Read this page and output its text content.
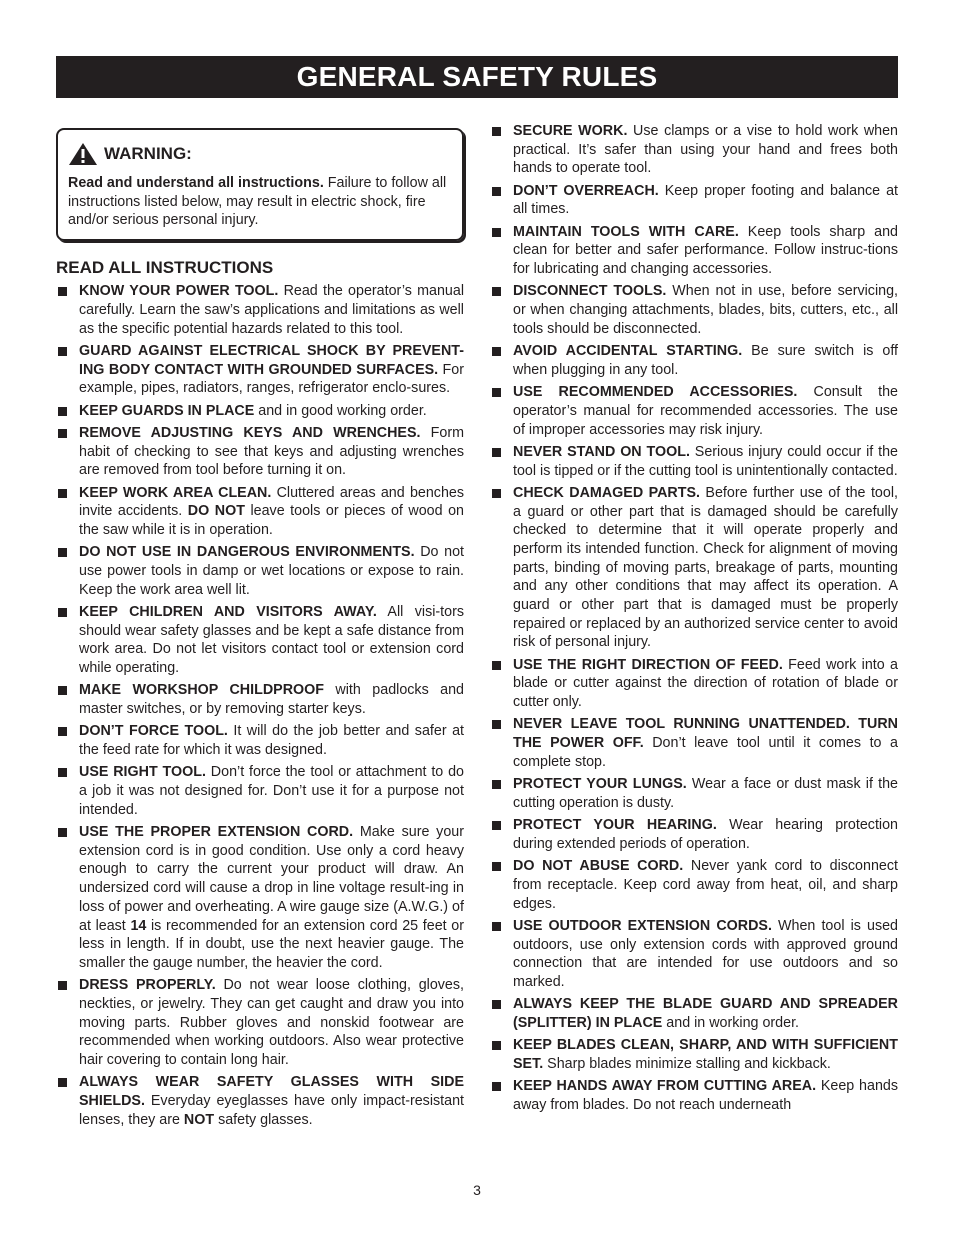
GENERAL SAFETY RULES
WARNING:
Read and understand all instructions. Failure to follow all instructions listed below, may result in electric shock, fire and/or serious personal injury.
READ ALL INSTRUCTIONS
KNOW YOUR POWER TOOL. Read the operator’s manual carefully. Learn the saw’s applications and limitations as well as the specific potential hazards related to this tool.
GUARD AGAINST ELECTRICAL SHOCK BY PREVENT-ING BODY CONTACT WITH GROUNDED SURFACES. For example, pipes, radiators, ranges, refrigerator enclo-sures.
KEEP GUARDS IN PLACE and in good working order.
REMOVE ADJUSTING KEYS AND WRENCHES. Form habit of checking to see that keys and adjusting wrenches are removed from tool before turning it on.
KEEP WORK AREA CLEAN. Cluttered areas and benches invite accidents. DO NOT leave tools or pieces of wood on the saw while it is in operation.
DO NOT USE IN DANGEROUS ENVIRONMENTS. Do not use power tools in damp or wet locations or expose to rain. Keep the work area well lit.
KEEP CHILDREN AND VISITORS AWAY. All visi-tors should wear safety glasses and be kept a safe distance from work area. Do not let visitors contact tool or extension cord while operating.
MAKE WORKSHOP CHILDPROOF with padlocks and master switches, or by removing starter keys.
DON’T FORCE TOOL. It will do the job better and safer at the feed rate for which it was designed.
USE RIGHT TOOL. Don’t force the tool or attachment to do a job it was not designed for. Don’t use it for a purpose not intended.
USE THE PROPER EXTENSION CORD. Make sure your extension cord is in good condition. Use only a cord heavy enough to carry the current your product will draw. An undersized cord will cause a drop in line voltage result-ing in loss of power and overheating. A wire gauge size (A.W.G.) of at least 14 is recommended for an extension cord 25 feet or less in length. If in doubt, use the next heavier gauge. The smaller the gauge number, the heavier the cord.
DRESS PROPERLY. Do not wear loose clothing, gloves, neckties, or jewelry. They can get caught and draw you into moving parts. Rubber gloves and nonskid footwear are recommended when working outdoors. Also wear protective hair covering to contain long hair.
ALWAYS WEAR SAFETY GLASSES WITH SIDE SHIELDS. Everyday eyeglasses have only impact-resistant lenses, they are NOT safety glasses.
SECURE WORK. Use clamps or a vise to hold work when practical. It’s safer than using your hand and frees both hands to operate tool.
DON’T OVERREACH. Keep proper footing and balance at all times.
MAINTAIN TOOLS WITH CARE. Keep tools sharp and clean for better and safer performance. Follow instruc-tions for lubricating and changing accessories.
DISCONNECT TOOLS. When not in use, before servicing, or when changing attachments, blades, bits, cutters, etc., all tools should be disconnected.
AVOID ACCIDENTAL STARTING. Be sure switch is off when plugging in any tool.
USE RECOMMENDED ACCESSORIES. Consult the operator’s manual for recommended accessories. The use of improper accessories may risk injury.
NEVER STAND ON TOOL. Serious injury could occur if the tool is tipped or if the cutting tool is unintentionally contacted.
CHECK DAMAGED PARTS. Before further use of the tool, a guard or other part that is damaged should be carefully checked to determine that it will operate properly and perform its intended function. Check for alignment of moving parts, binding of moving parts, breakage of parts, mounting and any other conditions that may affect its operation. A guard or other part that is damaged must be properly repaired or replaced by an authorized service center to avoid risk of personal injury.
USE THE RIGHT DIRECTION OF FEED. Feed work into a blade or cutter against the direction of rotation of blade or cutter only.
NEVER LEAVE TOOL RUNNING UNATTENDED. TURN THE POWER OFF. Don’t leave tool until it comes to a complete stop.
PROTECT YOUR LUNGS. Wear a face or dust mask if the cutting operation is dusty.
PROTECT YOUR HEARING. Wear hearing protection during extended periods of operation.
DO NOT ABUSE CORD. Never yank cord to disconnect from receptacle. Keep cord away from heat, oil, and sharp edges.
USE OUTDOOR EXTENSION CORDS. When tool is used outdoors, use only extension cords with approved ground connection that are intended for use outdoors and so marked.
ALWAYS KEEP THE BLADE GUARD AND SPREADER (SPLITTER) IN PLACE and in working order.
KEEP BLADES CLEAN, SHARP, AND WITH SUFFICIENT SET. Sharp blades minimize stalling and kickback.
KEEP HANDS AWAY FROM CUTTING AREA. Keep hands away from blades. Do not reach underneath
3
